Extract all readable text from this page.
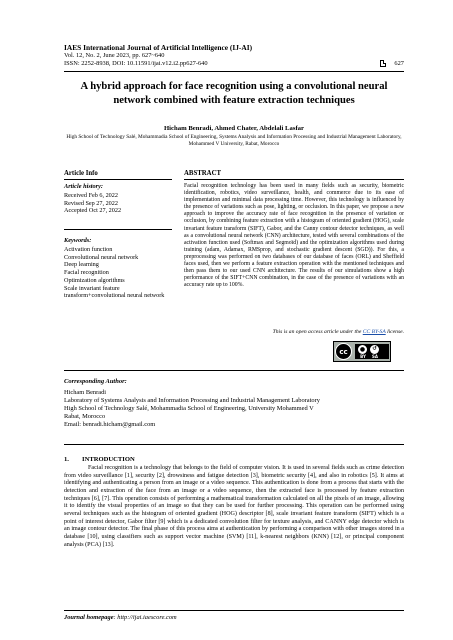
IAES International Journal of Artificial Intelligence (IJ-AI)
Vol. 12, No. 2, June 2023, pp. 627~640
ISSN: 2252-8938, DOI: 10.11591/ijai.v12.i2.pp627-640	627
A hybrid approach for face recognition using a convolutional neural network combined with feature extraction techniques
Hicham Benradi, Ahmed Chater, Abdelali Lasfar
High School of Technology Salé, Mohammadia School of Engineering, Systems Analysis and Information Processing and Industrial Management Laboratory, Mohammed V University, Rabat, Morocco
Article Info	ABSTRACT
Article history:
Received Feb 6, 2022
Revised Sep 27, 2022
Accepted Oct 27, 2022
Keywords:
Activation function
Convolutional neural network
Deep learning
Facial recognition
Optimization algorithms
Scale invariant feature transform+convolutional neural network
Facial recognition technology has been used in many fields such as security, biometric identification, robotics, video surveillance, health, and commerce due to its ease of implementation and minimal data processing time. However, this technology is influenced by the presence of variations such as pose, lighting, or occlusion. In this paper, we propose a new approach to improve the accuracy rate of face recognition in the presence of variation or occlusion, by combining feature extraction with a histogram of oriented gradient (HOG), scale invariant feature transform (SIFT), Gabor, and the Canny contour detector techniques, as well as a convolutional neural network (CNN) architecture, tested with several combinations of the activation function used (Softmax and Segmoïd) and the optimization algorithms used during training (adam, Adamax, RMSprop, and stochastic gradient descent (SGD)). For this, a preprocessing was performed on two databases of our database of faces (ORL) and Sheffield faces used, then we perform a feature extraction operation with the mentioned techniques and then pass them to our used CNN architecture. The results of our simulations show a high performance of the SIFT+CNN combination, in the case of the presence of variations with an accuracy rate up to 100%.
This is an open access article under the CC BY-SA license.
cc	●	↺
BY	SA
Corresponding Author:
Hicham Benradi
Laboratory of Systems Analysis and Information Processing and Industrial Management Laboratory
High School of Technology Salé, Mohammadia School of Engineering, University Mohammed V
Rabat, Morocco
Email: benradi.hicham@gmail.com
1. INTRODUCTION
Facial recognition is a technology that belongs to the field of computer vision. It is used in several fields such as crime detection from video surveillance [1], security [2], drowsiness and fatigue detection [3], biometric security [4], and also in robotics [5]. It aims at identifying and authenticating a person from an image or a video sequence. This authentication is done from a process that starts with the detection and extraction of the face from an image or a video sequence, then the extracted face is processed by feature extraction techniques [6], [7]. This operation consists of performing a mathematical transformation calculated on all the pixels of an image, allowing it to identify the visual properties of an image so that they can be used for further processing. This operation can be performed using several techniques such as the histogram of oriented gradient (HOG) descriptor [8], scale invariant feature transform (SIFT) which is a point of interest detector, Gabor filter [9] which is a dedicated convolution filter for texture analysis, and CANNY edge detector which is an image contour detector. The final phase of this process aims at authentication by performing a comparison with other images stored in a database [10], using classifiers such as support vector machine (SVM) [11], k-nearest neighbors (KNN) [12], or principal component analysis (PCA) [13].
Journal homepage: http://ijai.iaescore.com
